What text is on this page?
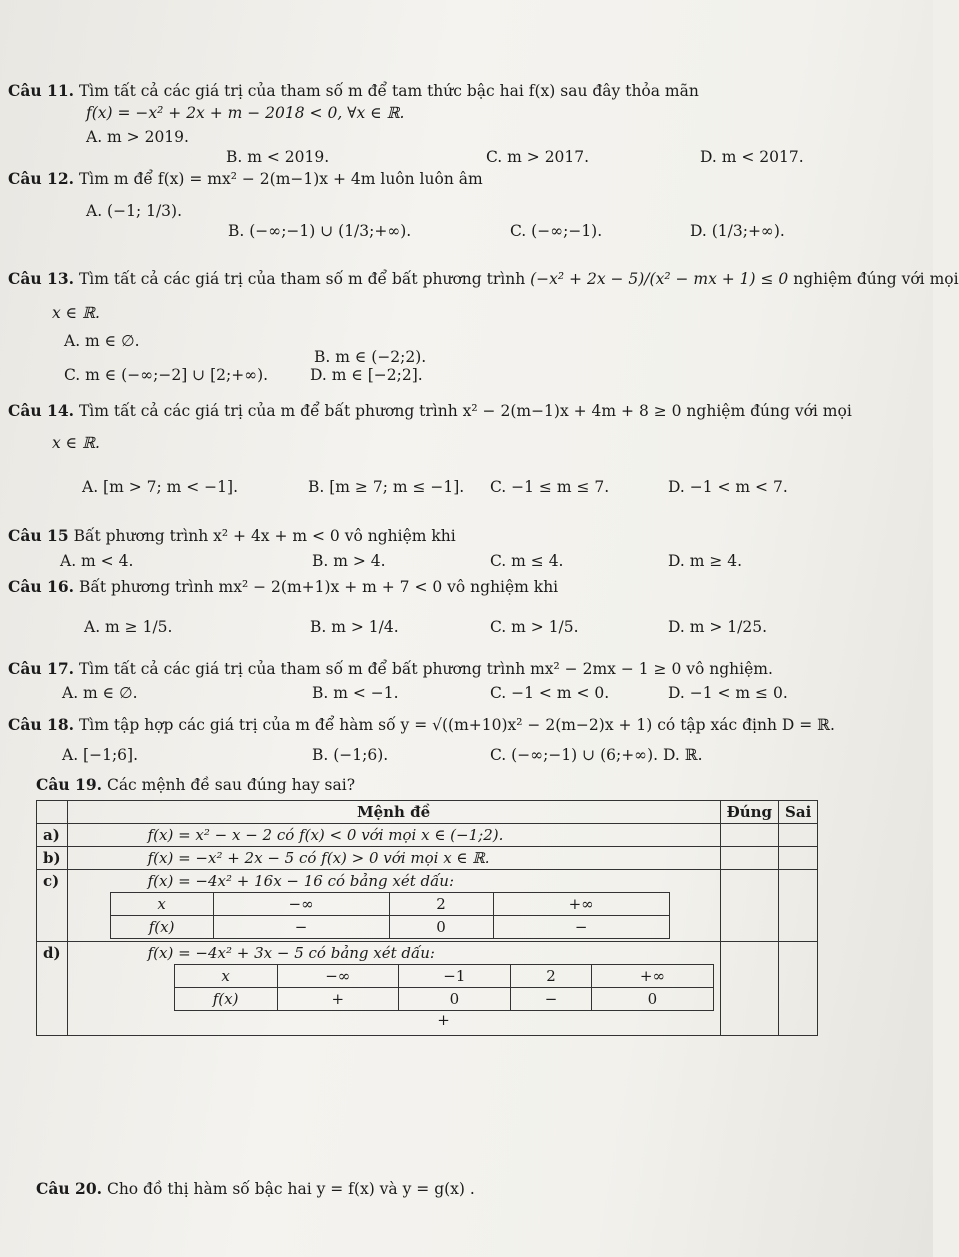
Câu 11. Tìm tất cả các giá trị của tham số m để tam thức bậc hai f(x) sau đây thỏa mãn
f(x) = −x² + 2x + m − 2018 < 0, ∀x ∈ ℝ.
A. m > 2019.
B. m < 2019.	C. m > 2017.	D. m < 2017.
Câu 12. Tìm m để f(x) = mx² − 2(m−1)x + 4m luôn luôn âm
A. (−1; 1/3).
B. (−∞;−1) ∪ (1/3;+∞).	C. (−∞;−1).	D. (1/3;+∞).
Câu 13. Tìm tất cả các giá trị của tham số m để bất phương trình (−x² + 2x − 5)/(x² − mx + 1) ≤ 0 nghiệm đúng với mọi
x ∈ ℝ.
A. m ∈ ∅.
B. m ∈ (−2;2).
C. m ∈ (−∞;−2] ∪ [2;+∞).	D. m ∈ [−2;2].
Câu 14. Tìm tất cả các giá trị của m để bất phương trình x² − 2(m−1)x + 4m + 8 ≥ 0 nghiệm đúng với mọi
x ∈ ℝ.
A. [m > 7; m < −1].	B. [m ≥ 7; m ≤ −1]. C. −1 ≤ m ≤ 7.	D. −1 < m < 7.
Câu 15 Bất phương trình x² + 4x + m < 0 vô nghiệm khi
A. m < 4.	B. m > 4.	C. m ≤ 4.	D. m ≥ 4.
Câu 16. Bất phương trình mx² − 2(m+1)x + m + 7 < 0 vô nghiệm khi
A. m ≥ 1/5.	B. m > 1/4.	C. m > 1/5.	D. m > 1/25.
Câu 17. Tìm tất cả các giá trị của tham số m để bất phương trình mx² − 2mx − 1 ≥ 0 vô nghiệm.
A. m ∈ ∅.	B. m < −1.	C. −1 < m < 0.	D. −1 < m ≤ 0.
Câu 18. Tìm tập hợp các giá trị của m để hàm số y = √((m+10)x² − 2(m−2)x + 1) có tập xác định D = ℝ.
A. [−1;6].	B. (−1;6).	C. (−∞;−1) ∪ (6;+∞). D. ℝ.
Câu 19. Các mệnh đề sau đúng hay sai?
	Mệnh đề	Đúng	Sai
a)	f(x) = x² − x − 2 có f(x) < 0 với mọi x ∈ (−1;2).		
b)	f(x) = −x² + 2x − 5 có f(x) > 0 với mọi x ∈ ℝ.		
c)	f(x) = −4x² + 16x − 16 có bảng xét dấu:
x	−∞	2	+∞
f(x)	−	0	−

d)	f(x) = −4x² + 3x − 5 có bảng xét dấu:
x	−∞	−1	2	+∞
f(x)	+	0	−	0
+

Câu 20. Cho đồ thị hàm số bậc hai y = f(x) và y = g(x) .
